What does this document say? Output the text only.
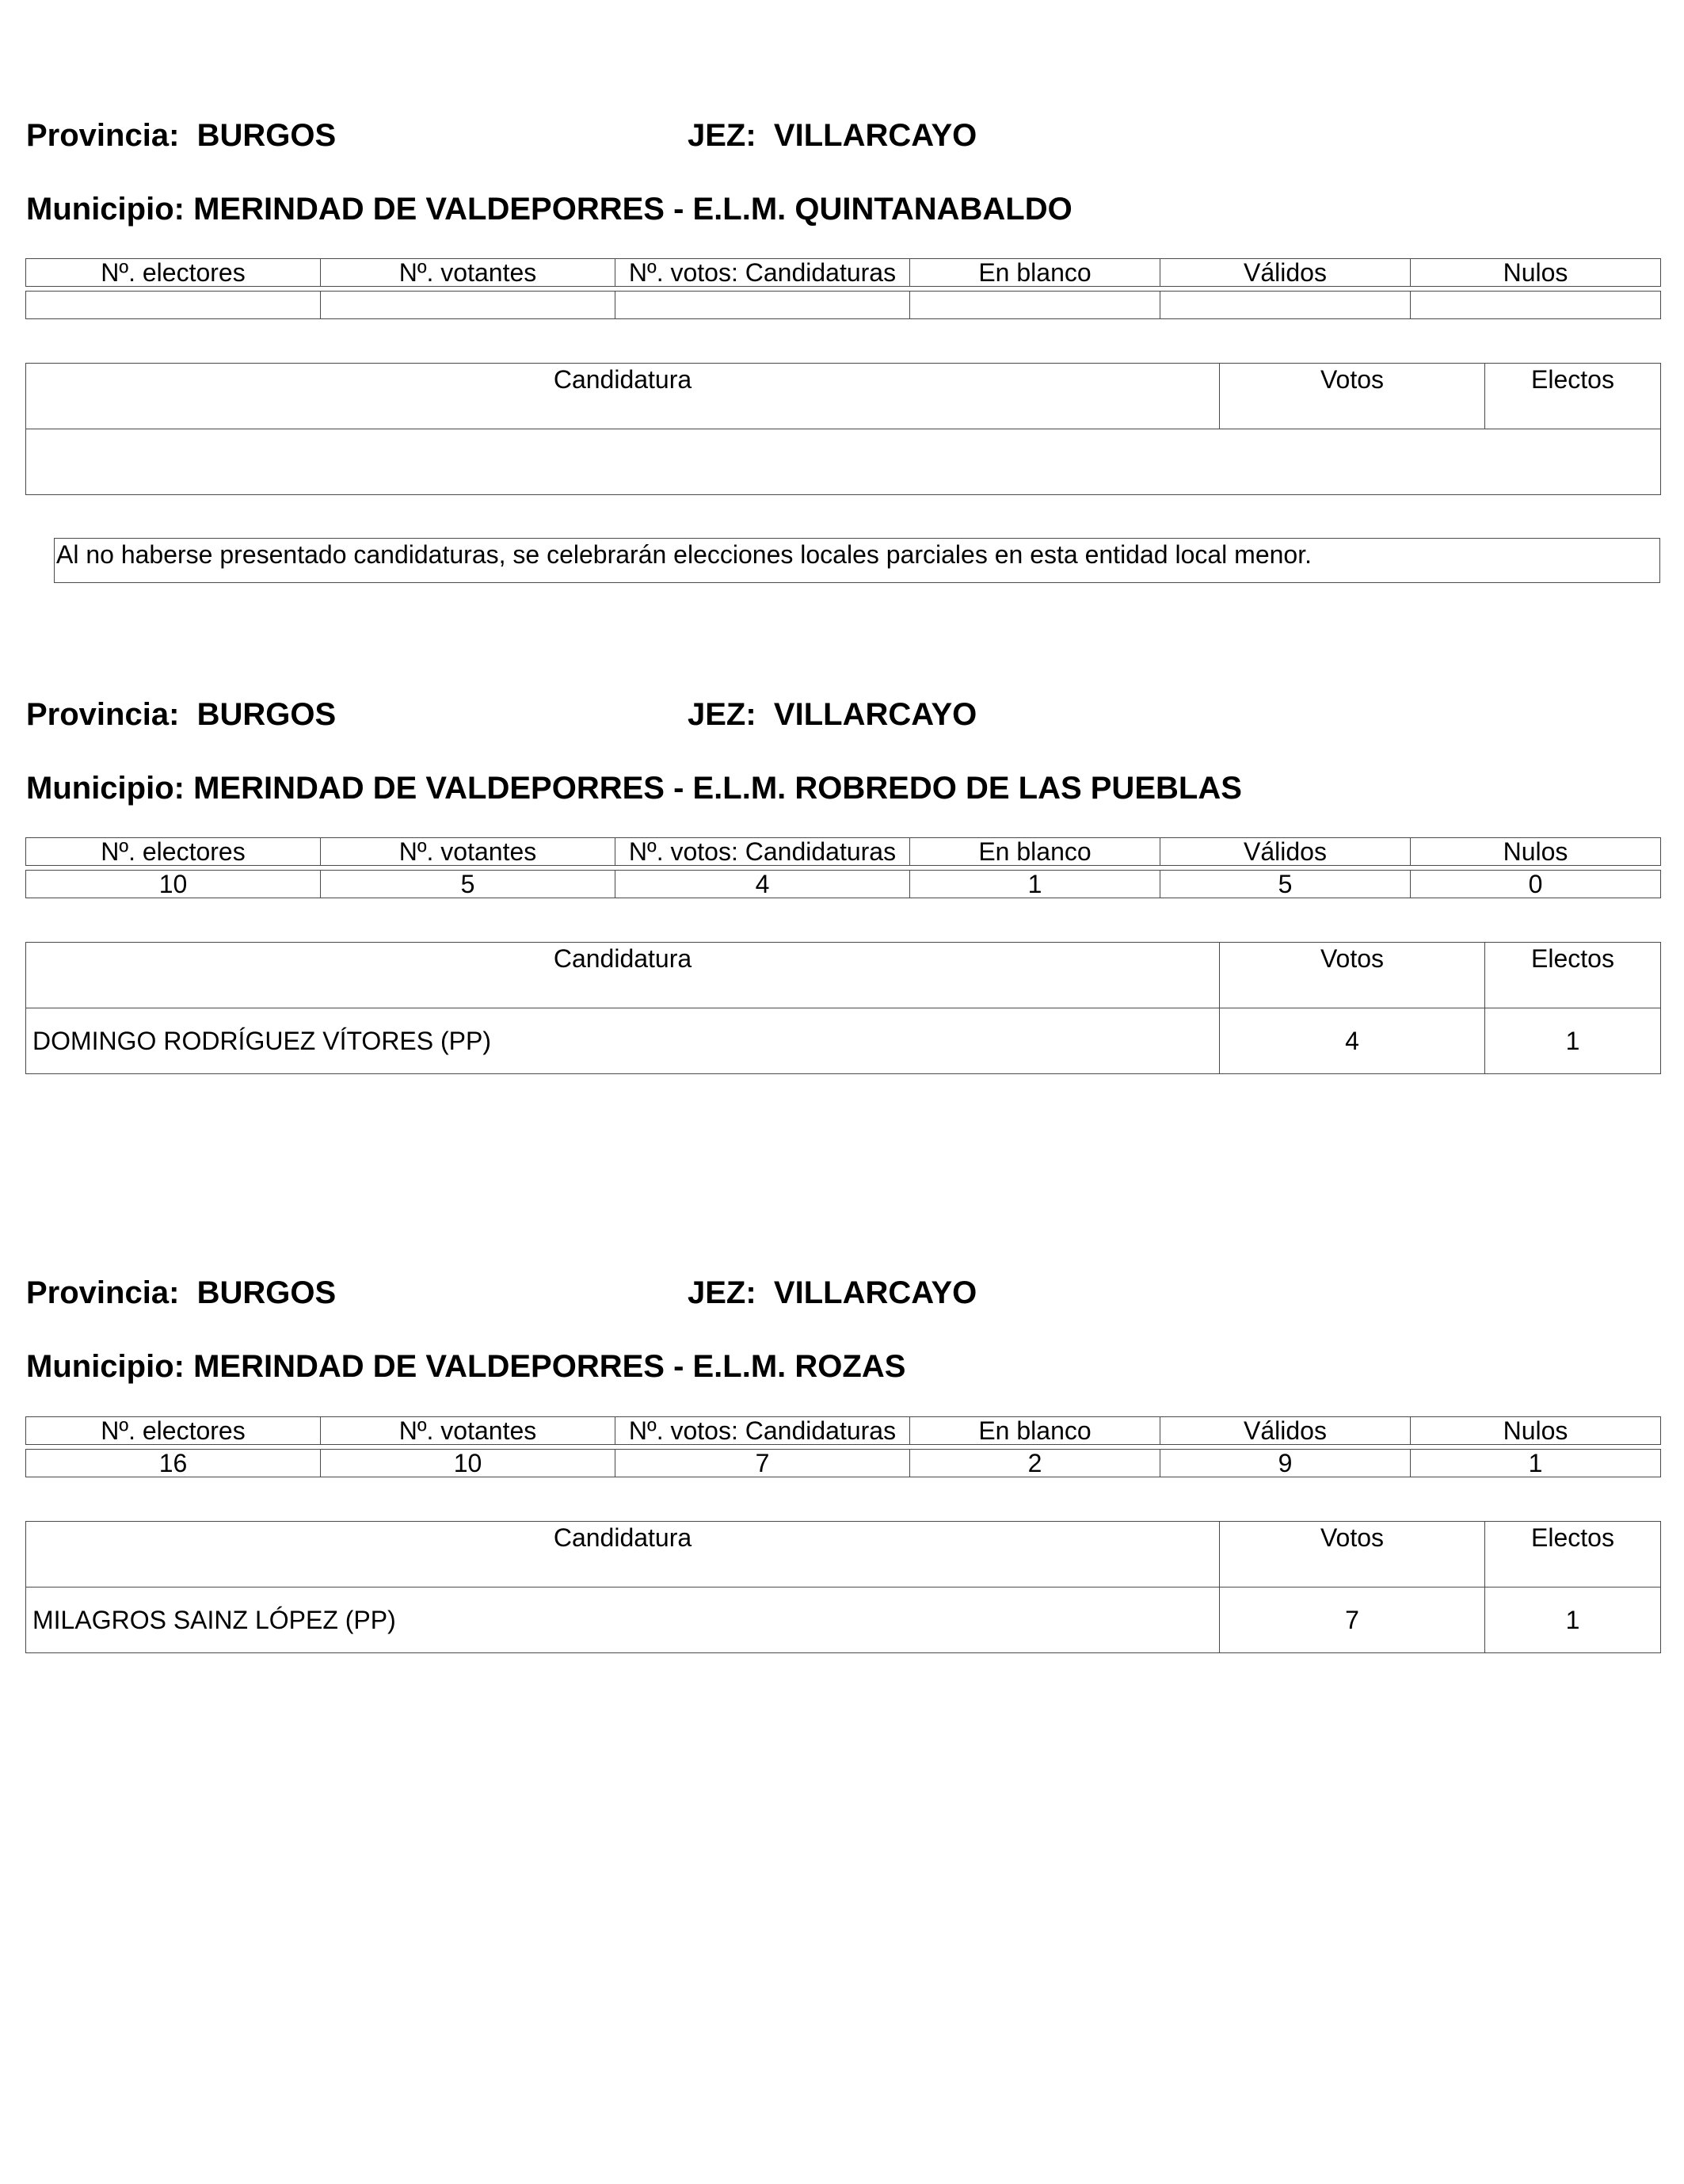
Provincia: BURGOS	JEZ: VILLARCAYO
Municipio: MERINDAD DE VALDEPORRES - E.L.M. QUINTANABALDO
Nº. electores	Nº. votantes	Nº. votos: Candidaturas	En blanco	Válidos	Nulos

Candidatura	Votos	Electos

Al no haberse presentado candidaturas, se celebrarán elecciones locales parciales en esta entidad local menor.
Provincia: BURGOS	JEZ: VILLARCAYO
Municipio: MERINDAD DE VALDEPORRES - E.L.M. ROBREDO DE LAS PUEBLAS
Nº. electores	Nº. votantes	Nº. votos: Candidaturas	En blanco	Válidos	Nulos

10	5	4	1	5	0
Candidatura	Votos	Electos
DOMINGO RODRÍGUEZ VÍTORES (PP)	4	1
Provincia: BURGOS	JEZ: VILLARCAYO
Municipio: MERINDAD DE VALDEPORRES - E.L.M. ROZAS
Nº. electores	Nº. votantes	Nº. votos: Candidaturas	En blanco	Válidos	Nulos

16	10	7	2	9	1
Candidatura	Votos	Electos
MILAGROS SAINZ LÓPEZ (PP)	7	1
